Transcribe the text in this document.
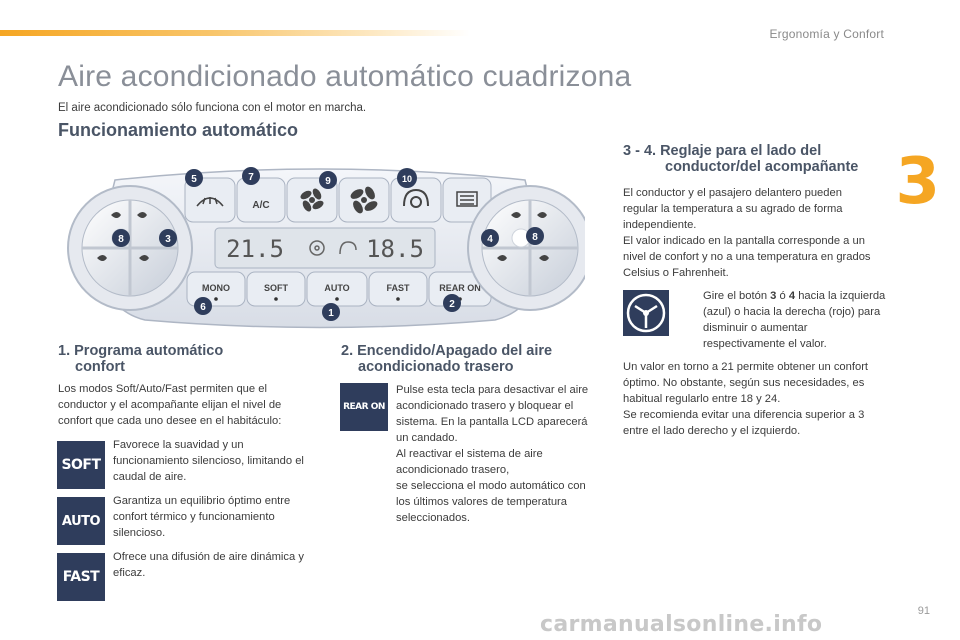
Ergonomía y Confort
3
Aire acondicionado automático cuadrizona
El aire acondicionado sólo funciona con el motor en marcha.
Funcionamiento automático
A/C
21.5	18.5
MONO	SOFT	AUTO	FAST	REAR ON
1
2
3	4
5
6
7
8	8
9	10
1. Programa automático
confort

Los modos Soft/Auto/Fast permiten que el conductor y el acompañante elijan el nivel de confort que cada uno desee en el habitáculo:

SOFT

Favorece la suavidad y un funcionamiento silencioso, limitando el caudal de aire.

AUTO

Garantiza un equilibrio óptimo entre confort térmico y funcionamiento silencioso.

FAST

Ofrece una difusión de aire dinámica y eficaz.

2. Encendido/Apagado del aire
acondicionado trasero
REAR ON

Pulse esta tecla para desactivar el aire acondicionado trasero y bloquear el sistema. En la pantalla LCD aparecerá un candado.
Al reactivar el sistema de aire acondicionado trasero,
se selecciona el modo automático con los últimos valores de temperatura seleccionados.

3 - 4. Reglaje para el lado del
conductor/del acompañante

El conductor y el pasajero delantero pueden regular la temperatura a su agrado de forma independiente.
El valor indicado en la pantalla corresponde a un nivel de confort y no a una temperatura en grados Celsius o Fahrenheit.

Gire el botón 3 ó 4 hacia la izquierda (azul) o hacia la derecha (rojo) para disminuir o aumentar respectivamente el valor.

Un valor en torno a 21 permite obtener un confort óptimo. No obstante, según sus necesidades, es habitual regularlo entre 18 y 24.
Se recomienda evitar una diferencia superior a 3 entre el lado derecho y el izquierdo.

91
carmanualsonline.info
